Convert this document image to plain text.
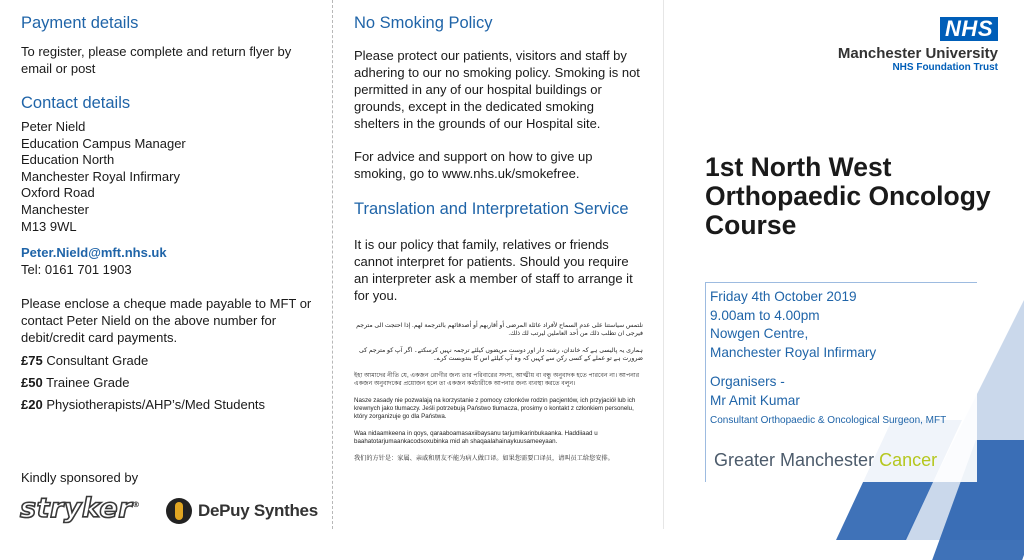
Payment details

To register, please complete and return flyer by email or post

Contact details

Peter Nield

Education Campus Manager

Education North

Manchester Royal Infirmary

Oxford Road

Manchester

M13 9WL

Peter.Nield@mft.nhs.uk

Tel: 0161 701 1903

Please enclose a cheque made payable to MFT or contact Peter Nield on the above number for debit/credit card payments.

£75 Consultant Grade

£50 Trainee Grade

£20 Physiotherapists/AHP’s/Med Students

Kindly sponsored by
stryker®	DePuy Synthes
No Smoking Policy

Please protect our patients, visitors and staff by adhering to our no smoking policy. Smoking is not permitted in any of our hospital buildings or grounds, except in the dedicated smoking shelters in the grounds of our Hospital site.

For advice and support on how to give up smoking, go to www.nhs.uk/smokefree.

Translation and Interpretation Service

It is our policy that family, relatives or friends cannot interpret for patients. Should you require an interpreter ask a member of staff to arrange it for you.

نلتمس سياستنا على عدم السماح لأفراد عائلة المرضى أو أقاربهم أو أصدقائهم بالترجمة لهم. إذا احتجت الى مترجم فيرجى ان تطلب ذلك من أحد العاملين ليرتب لك ذلك.

ہماری یہ پالیسی ہے کہ خاندان، رشتہ دار اور دوست مریضوں کیلئے ترجمہ نہیں کرسکتے۔ اگر آپ کو مترجم کی ضرورت ہے تو عملے کے کسی رکن سے کہیں کہ وہ آپ کیلئے اس کا بندوبست کرے۔

ইহা আমাদের নীতি যে, একজন রোগীর জন্য তার পরিবারের সদস্য, আত্মীয় বা বন্ধু অনুবাদক হতে পারবেন না। আপনার একজন অনুবাদকের প্রয়োজন হলে তা একজন কর্মচারীকে আপনার জন্য ব্যবস্থা করতে বলুন।

Nasze zasady nie pozwalają na korzystanie z pomocy członków rodzin pacjentów, ich przyjaciół lub ich krewnych jako tłumaczy. Jeśli potrzebują Państwo tłumacza, prosimy o kontakt z członkiem personelu, który zorganizuje go dla Państwa.

Waa nidaamkeena in qoys, qaraaboamasaxiibaysanu tarjumikarinbukaanka. Haddiiaad u baahatotarjumaankacodsoxubinka mid ah shaqaalahainaykuusameeyaan.

我们的方针是：家属、亲戚和朋友不能为病人做口译。如果您需要口译员，请叫员工给您安排。

NHS
Manchester University
NHS Foundation Trust
1st North West
Orthopaedic Oncology
Course

Friday 4th October 2019

9.00am to 4.00pm

Nowgen Centre,

Manchester Royal Infirmary

Organisers -

Mr Amit Kumar

Consultant Orthopaedic & Oncological Surgeon, MFT

Greater Manchester Cancer
